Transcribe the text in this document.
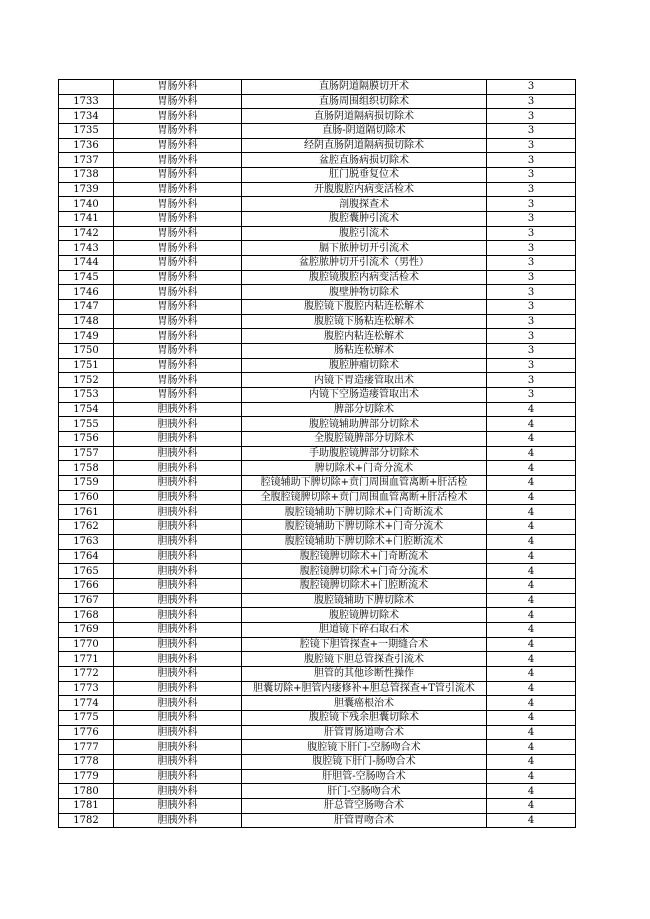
	胃肠外科	直肠阴道隔膜切开术	3
1733	胃肠外科	直肠周围组织切除术	3
1734	胃肠外科	直肠阴道隔病损切除术	3
1735	胃肠外科	直肠-阴道隔切除术	3
1736	胃肠外科	经阴直肠阴道隔病损切除术	3
1737	胃肠外科	盆腔直肠病损切除术	3
1738	胃肠外科	肛门脱垂复位术	3
1739	胃肠外科	开腹腹腔内病变活检术	3
1740	胃肠外科	剖腹探查术	3
1741	胃肠外科	腹腔囊肿引流术	3
1742	胃肠外科	腹腔引流术	3
1743	胃肠外科	膈下脓肿切开引流术	3
1744	胃肠外科	盆腔脓肿切开引流术（男性）	3
1745	胃肠外科	腹腔镜腹腔内病变活检术	3
1746	胃肠外科	腹壁肿物切除术	3
1747	胃肠外科	腹腔镜下腹腔内粘连松解术	3
1748	胃肠外科	腹腔镜下肠粘连松解术	3
1749	胃肠外科	腹腔内粘连松解术	3
1750	胃肠外科	肠粘连松解术	3
1751	胃肠外科	腹腔肿瘤切除术	3
1752	胃肠外科	内镜下胃造瘘管取出术	3
1753	胃肠外科	内镜下空肠造瘘管取出术	3
1754	胆胰外科	脾部分切除术	4
1755	胆胰外科	腹腔镜辅助脾部分切除术	4
1756	胆胰外科	全腹腔镜脾部分切除术	4
1757	胆胰外科	手助腹腔镜脾部分切除术	4
1758	胆胰外科	脾切除术+门奇分流术	4
1759	胆胰外科	腔镜辅助下脾切除+贲门周围血管离断+肝活检	4
1760	胆胰外科	全腹腔镜脾切除+贲门周围血管离断+肝活检术	4
1761	胆胰外科	腹腔镜辅助下脾切除术+门奇断流术	4
1762	胆胰外科	腹腔镜辅助下脾切除术+门奇分流术	4
1763	胆胰外科	腹腔镜辅助下脾切除术+门腔断流术	4
1764	胆胰外科	腹腔镜脾切除术+门奇断流术	4
1765	胆胰外科	腹腔镜脾切除术+门奇分流术	4
1766	胆胰外科	腹腔镜脾切除术+门腔断流术	4
1767	胆胰外科	腹腔镜辅助下脾切除术	4
1768	胆胰外科	腹腔镜脾切除术	4
1769	胆胰外科	胆道镜下碎石取石术	4
1770	胆胰外科	腔镜下胆管探查+一期缝合术	4
1771	胆胰外科	腹腔镜下胆总管探查引流术	4
1772	胆胰外科	胆管的其他诊断性操作	4
1773	胆胰外科	胆囊切除+胆管内瘘修补+胆总管探查+T管引流术	4
1774	胆胰外科	胆囊癌根治术	4
1775	胆胰外科	腹腔镜下残余胆囊切除术	4
1776	胆胰外科	肝管胃肠道吻合术	4
1777	胆胰外科	腹腔镜下肝门-空肠吻合术	4
1778	胆胰外科	腹腔镜下肝门-肠吻合术	4
1779	胆胰外科	肝胆管-空肠吻合术	4
1780	胆胰外科	肝门-空肠吻合术	4
1781	胆胰外科	肝总管空肠吻合术	4
1782	胆胰外科	肝管胃吻合术	4
